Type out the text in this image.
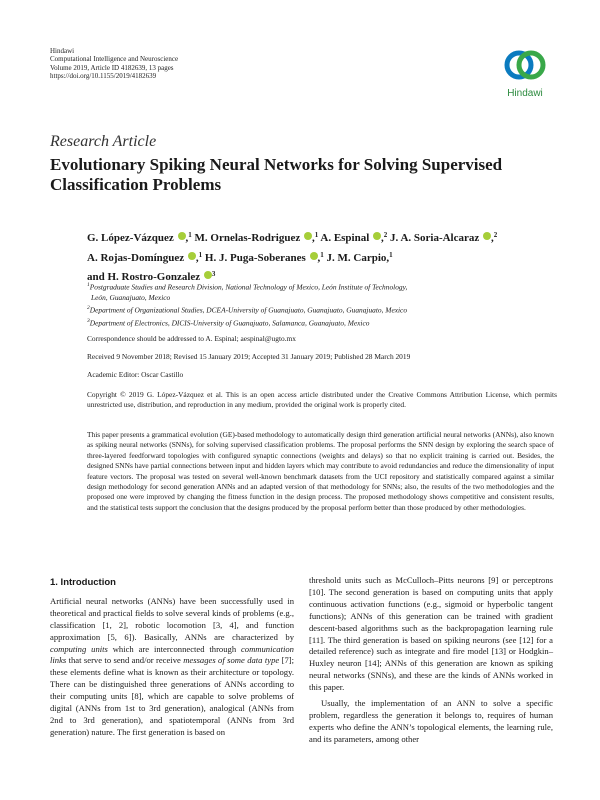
Hindawi
Computational Intelligence and Neuroscience
Volume 2019, Article ID 4182639, 13 pages
https://doi.org/10.1155/2019/4182639
Hindawi
Research Article
Evolutionary Spiking Neural Networks for Solving Supervised Classification Problems
G. López-Vázquez ,$^1$ M. Ornelas-Rodriguez ,$^1$ A. Espinal ,$^2$ J. A. Soria-Alcaraz ,$^2$
A. Rojas-Domínguez ,$^1$ H. J. Puga-Soberanes ,$^1$ J. M. Carpio,$^1$
and H. Rostro-Gonzalez $^3$
$^1$Postgraduate Studies and Research Division, National Technology of Mexico, León Institute of Technology,
León, Guanajuato, Mexico
$^2$Department of Organizational Studies, DCEA-University of Guanajuato, Guanajuato, Guanajuato, Mexico
$^3$Department of Electronics, DICIS-University of Guanajuato, Salamanca, Guanajuato, Mexico
Correspondence should be addressed to A. Espinal; aespinal@ugto.mx
Received 9 November 2018; Revised 15 January 2019; Accepted 31 January 2019; Published 28 March 2019
Academic Editor: Oscar Castillo
Copyright © 2019 G. López-Vázquez et al. This is an open access article distributed under the Creative Commons Attribution License, which permits unrestricted use, distribution, and reproduction in any medium, provided the original work is properly cited.
This paper presents a grammatical evolution (GE)-based methodology to automatically design third generation artificial neural networks (ANNs), also known as spiking neural networks (SNNs), for solving supervised classification problems. The proposal performs the SNN design by exploring the search space of three-layered feedforward topologies with configured synaptic connections (weights and delays) so that no explicit training is carried out. Besides, the designed SNNs have partial connections between input and hidden layers which may contribute to avoid redundancies and reduce the dimensionality of input feature vectors. The proposal was tested on several well-known benchmark datasets from the UCI repository and statistically compared against a similar design methodology for second generation ANNs and an adapted version of that methodology for SNNs; also, the results of the two methodologies and the proposed one were improved by changing the fitness function in the design process. The proposed methodology shows competitive and consistent results, and the statistical tests support the conclusion that the designs produced by the proposal perform better than those produced by other methodologies.
1. Introduction

Artificial neural networks (ANNs) have been successfully used in theoretical and practical fields to solve several kinds of problems (e.g., classification [1, 2], robotic locomotion [3, 4], and function approximation [5, 6]). Basically, ANNs are characterized by computing units which are interconnected through communication links that serve to send and/or receive messages of some data type [7]; these elements define what is known as their architecture or topology. There can be distinguished three generations of ANNs according to their computing units [8], which are capable to solve problems of digital (ANNs from 1st to 3rd generation), analogical (ANNs from 2nd to 3rd generation), and spatiotemporal (ANNs from 3rd generation) nature. The first generation is based on

threshold units such as McCulloch–Pitts neurons [9] or perceptrons [10]. The second generation is based on computing units that apply continuous activation functions (e.g., sigmoid or hyperbolic tangent functions); ANNs of this generation can be trained with gradient descent-based algorithms such as the backpropagation learning rule [11]. The third generation is based on spiking neurons (see [12] for a detailed reference) such as integrate and fire model [13] or Hodgkin–Huxley neuron [14]; ANNs of this generation are known as spiking neural networks (SNNs), and these are the kinds of ANNs worked in this paper.

Usually, the implementation of an ANN to solve a specific problem, regardless the generation it belongs to, requires of human experts who define the ANN’s topological elements, the learning rule, and its parameters, among other
